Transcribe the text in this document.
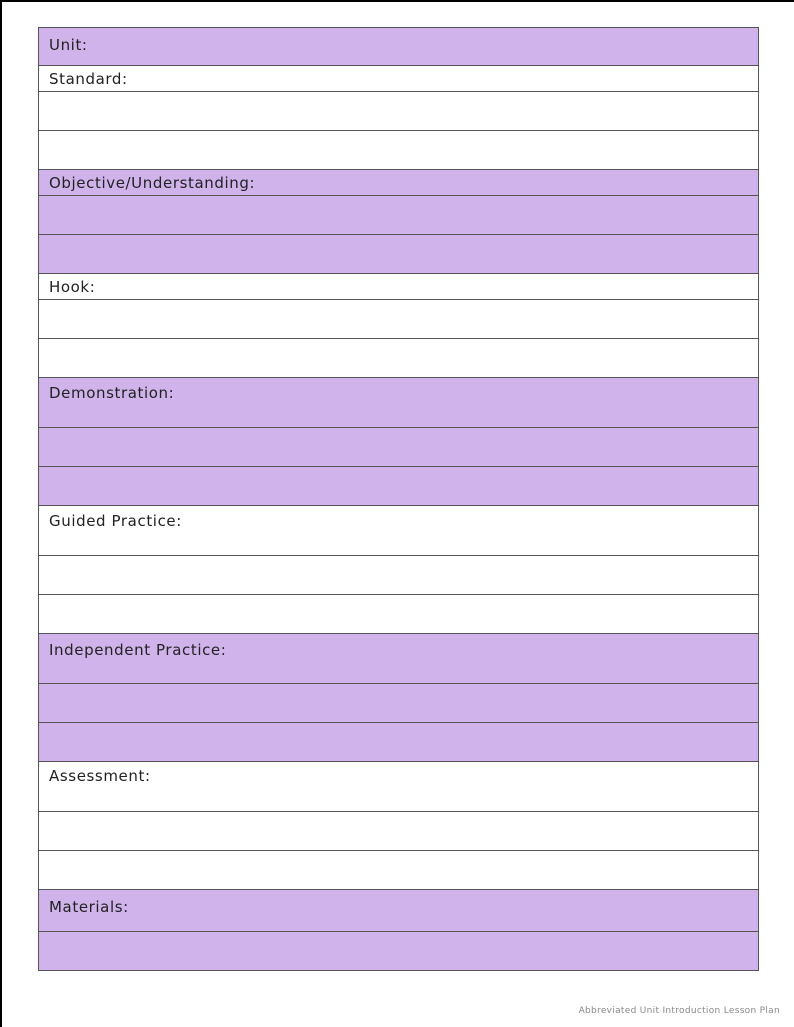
Unit:
Standard:
Objective/Understanding:
Hook:
Demonstration:
Guided Practice:
Independent Practice:
Assessment:
Materials:
Abbreviated Unit Introduction Lesson Plan
